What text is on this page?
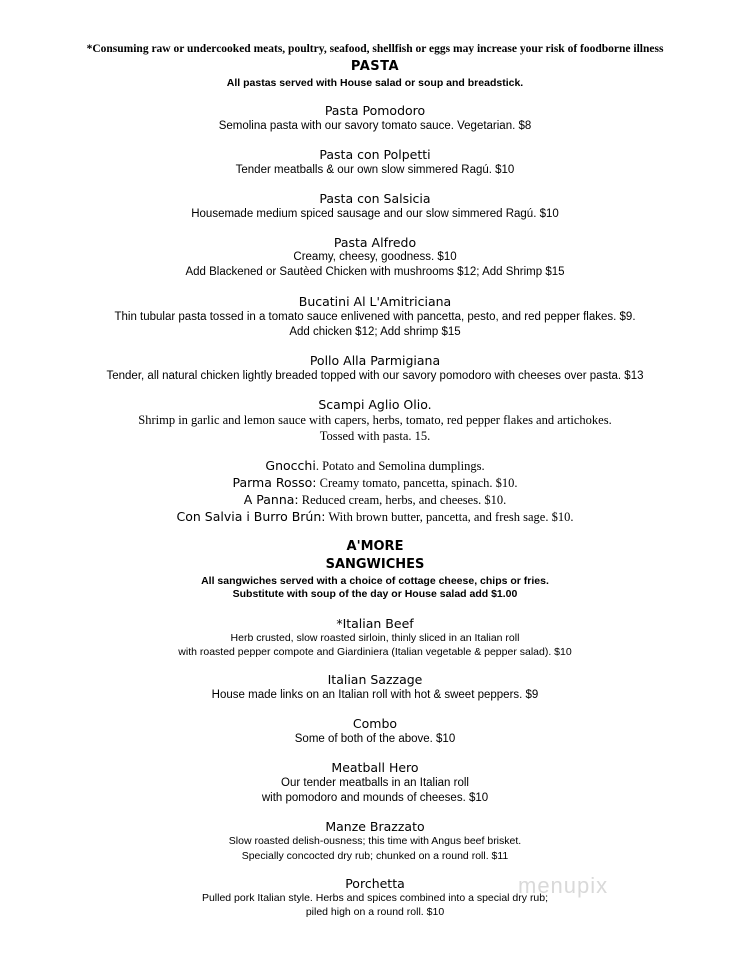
*Consuming raw or undercooked meats, poultry, seafood, shellfish or eggs may increase your risk of foodborne illness
PASTA
All pastas served with House salad or soup and breadstick.
Pasta Pomodoro
Semolina pasta with our savory tomato sauce. Vegetarian. $8
Pasta con Polpetti
Tender meatballs & our own slow simmered Ragú. $10
Pasta con Salsicia
Housemade medium spiced sausage and our slow simmered Ragú. $10
Pasta Alfredo
Creamy, cheesy, goodness. $10
Add Blackened or Sautèed Chicken with mushrooms $12; Add Shrimp $15
Bucatini Al L'Amitriciana
Thin tubular pasta tossed in a tomato sauce enlivened with pancetta, pesto, and red pepper flakes. $9.
Add chicken $12; Add shrimp $15
Pollo Alla Parmigiana
Tender, all natural chicken lightly breaded topped with our savory pomodoro with cheeses over pasta. $13
Scampi Aglio Olio.
Shrimp in garlic and lemon sauce with capers, herbs, tomato, red pepper flakes and artichokes.
Tossed with pasta. 15.
Gnocchi. Potato and Semolina dumplings.
Parma Rosso: Creamy tomato, pancetta, spinach. $10.
A Panna: Reduced cream, herbs, and cheeses. $10.
Con Salvia i Burro Brún: With brown butter, pancetta, and fresh sage. $10.
A'MORE
SANGWICHES
All sangwiches served with a choice of cottage cheese, chips or fries.
Substitute with soup of the day or House salad add $1.00
*Italian Beef
Herb crusted, slow roasted sirloin, thinly sliced in an Italian roll
with roasted pepper compote and Giardiniera (Italian vegetable & pepper salad). $10
Italian Sazzage
House made links on an Italian roll with hot & sweet peppers. $9
Combo
Some of both of the above. $10
Meatball Hero
Our tender meatballs in an Italian roll
with pomodoro and mounds of cheeses. $10
Manze Brazzato
Slow roasted delish-ousness; this time with Angus beef brisket.
Specially concocted dry rub; chunked on a round roll. $11
Porchetta
Pulled pork Italian style. Herbs and spices combined into a special dry rub;
piled high on a round roll. $10
menupix
